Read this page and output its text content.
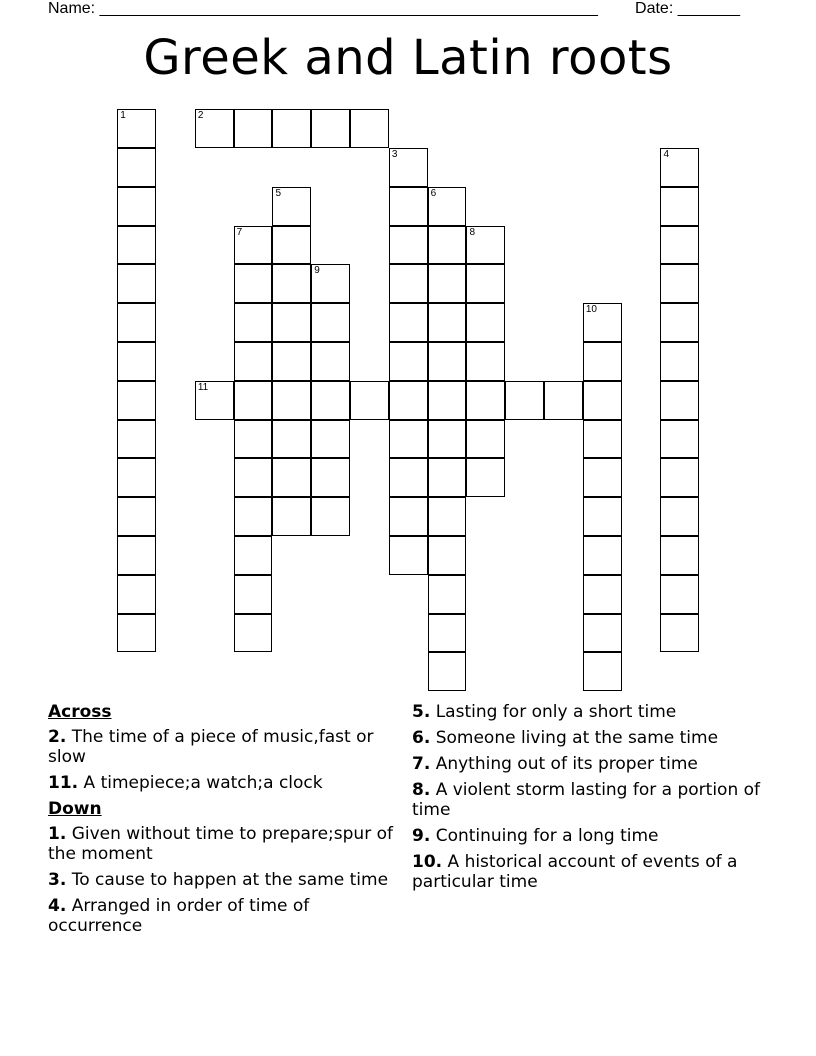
Name: ________________________________________________________ Date: _______
Greek and Latin roots
1	2
3	4
5	6
7	8
9
10
11
Across
2. The time of a piece of music,fast or slow
11. A timepiece;a watch;a clock
Down
1. Given without time to prepare;spur of the moment
3. To cause to happen at the same time
4. Arranged in order of time of occurrence
5. Lasting for only a short time
6. Someone living at the same time
7. Anything out of its proper time
8. A violent storm lasting for a portion of time
9. Continuing for a long time
10. A historical account of events of a particular time
